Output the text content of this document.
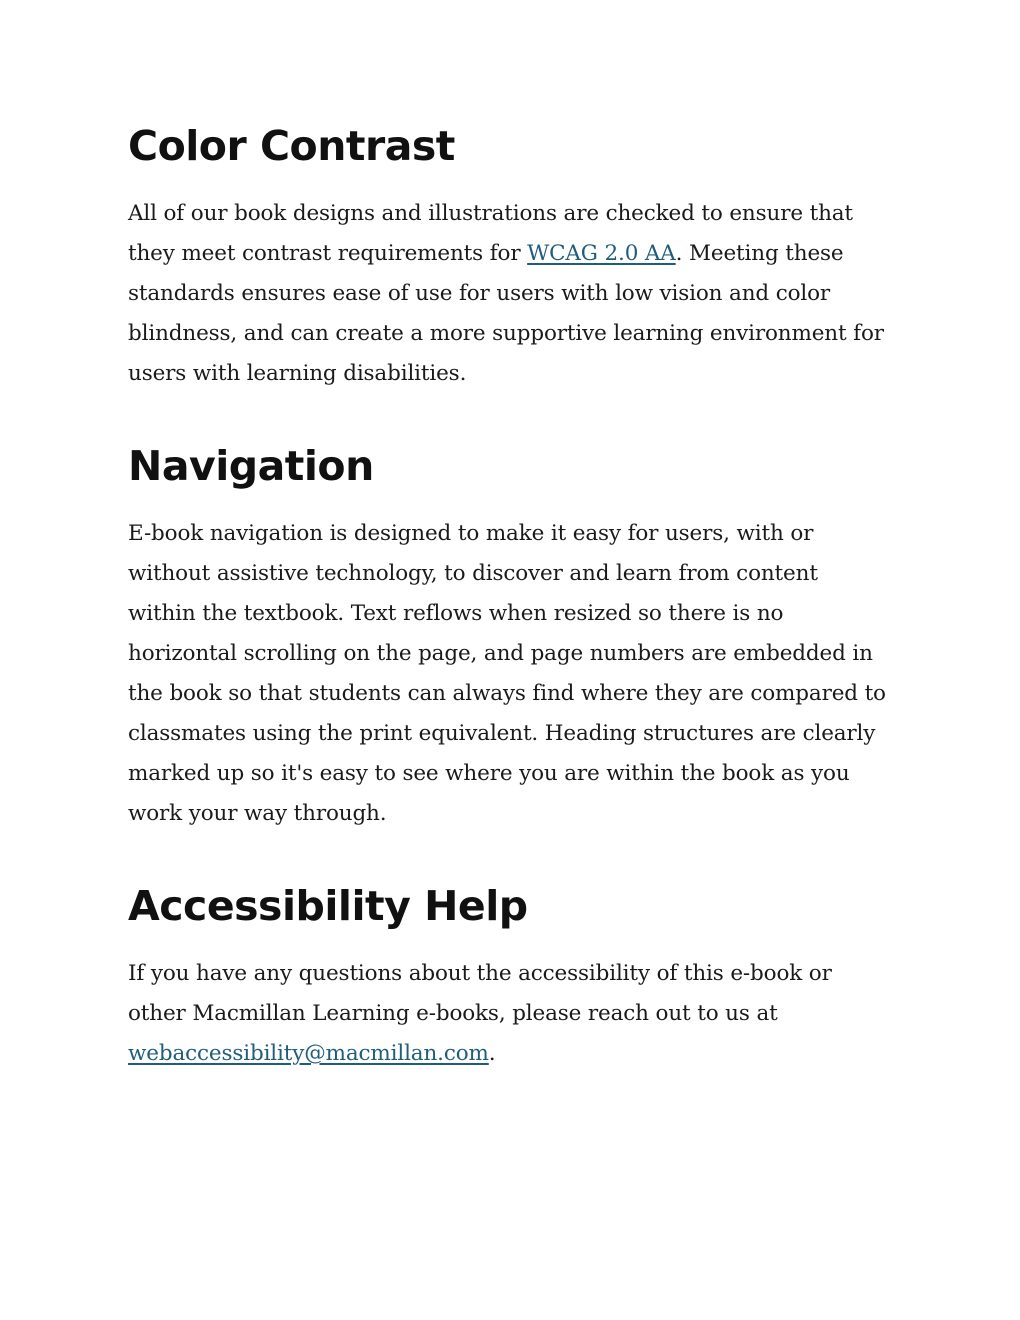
Color Contrast

All of our book designs and illustrations are checked to ensure that they meet contrast requirements for WCAG 2.0 AA. Meeting these standards ensures ease of use for users with low vision and color blindness, and can create a more supportive learning environment for users with learning disabilities.

Navigation

E-book navigation is designed to make it easy for users, with or without assistive technology, to discover and learn from content within the textbook. Text reflows when resized so there is no horizontal scrolling on the page, and page numbers are embedded in the book so that students can always find where they are compared to classmates using the print equivalent. Heading structures are clearly marked up so it's easy to see where you are within the book as you work your way through.

Accessibility Help

If you have any questions about the accessibility of this e-book or other Macmillan Learning e-books, please reach out to us at webaccessibility@macmillan.com.
